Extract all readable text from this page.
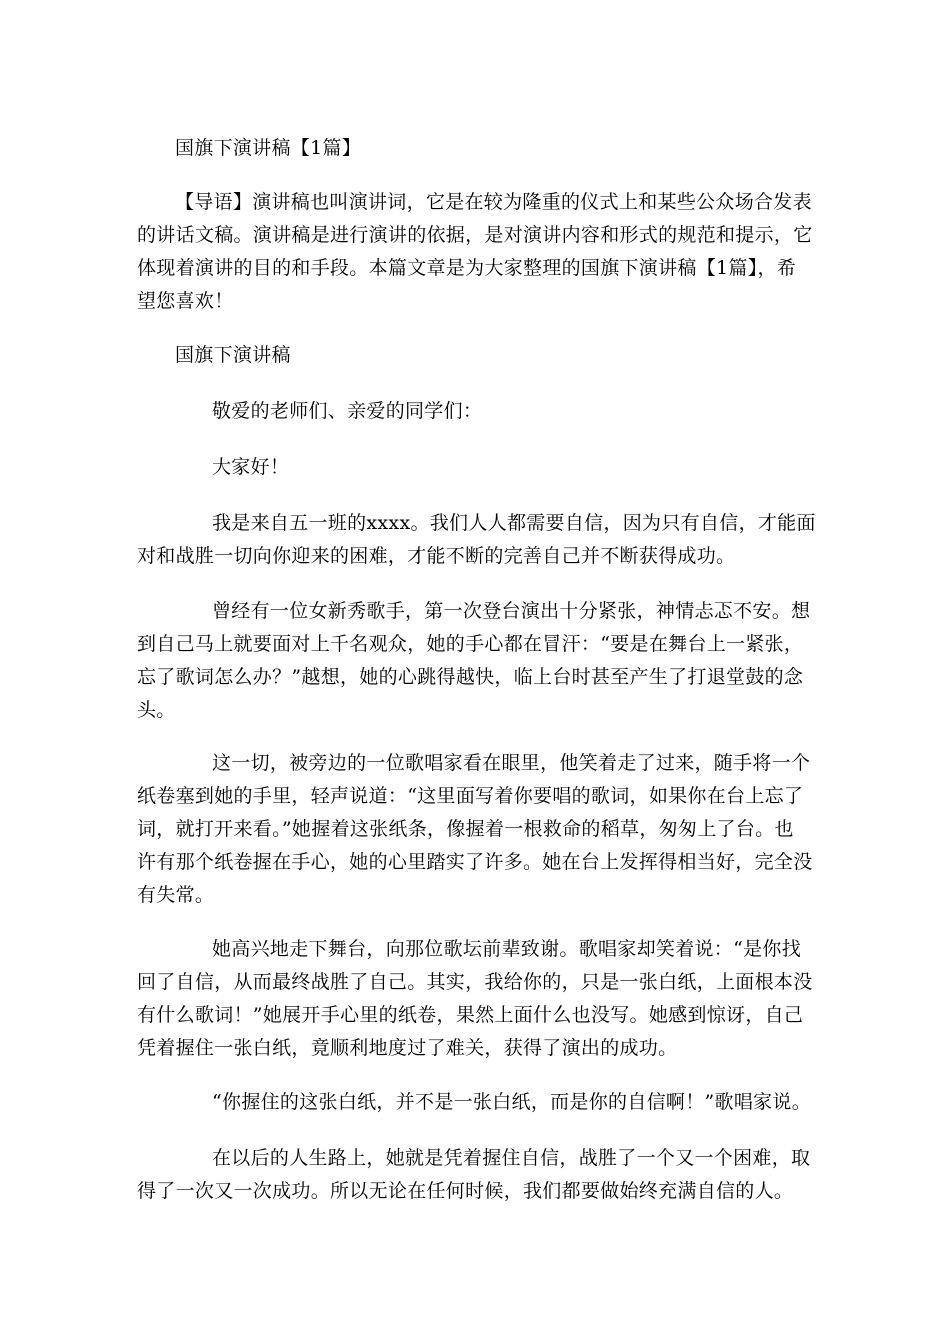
国旗下演讲稿【1篇】

【导语】演讲稿也叫演讲词，它是在较为隆重的仪式上和某些公众场合发表
的讲话文稿。演讲稿是进行演讲的依据，是对演讲内容和形式的规范和提示，它
体现着演讲的目的和手段。本篇文章是为大家整理的国旗下演讲稿【1篇】，希
望您喜欢！

国旗下演讲稿

敬爱的老师们、亲爱的同学们：

大家好！

我是来自五一班的xxxx。我们人人都需要自信，因为只有自信，才能面
对和战胜一切向你迎来的困难，才能不断的完善自己并不断获得成功。

曾经有一位女新秀歌手，第一次登台演出十分紧张，神情忐忑不安。想
到自己马上就要面对上千名观众，她的手心都在冒汗：“要是在舞台上一紧张，
忘了歌词怎么办？”越想，她的心跳得越快，临上台时甚至产生了打退堂鼓的念
头。

这一切，被旁边的一位歌唱家看在眼里，他笑着走了过来，随手将一个
纸卷塞到她的手里，轻声说道：“这里面写着你要唱的歌词，如果你在台上忘了
词，就打开来看。”她握着这张纸条，像握着一根救命的稻草，匆匆上了台。也
许有那个纸卷握在手心，她的心里踏实了许多。她在台上发挥得相当好，完全没
有失常。

她高兴地走下舞台，向那位歌坛前辈致谢。歌唱家却笑着说：“是你找
回了自信，从而最终战胜了自己。其实，我给你的，只是一张白纸，上面根本没
有什么歌词！”她展开手心里的纸卷，果然上面什么也没写。她感到惊讶，自己
凭着握住一张白纸，竟顺利地度过了难关，获得了演出的成功。

“你握住的这张白纸，并不是一张白纸，而是你的自信啊！”歌唱家说。

在以后的人生路上，她就是凭着握住自信，战胜了一个又一个困难，取
得了一次又一次成功。所以无论在任何时候，我们都要做始终充满自信的人。
